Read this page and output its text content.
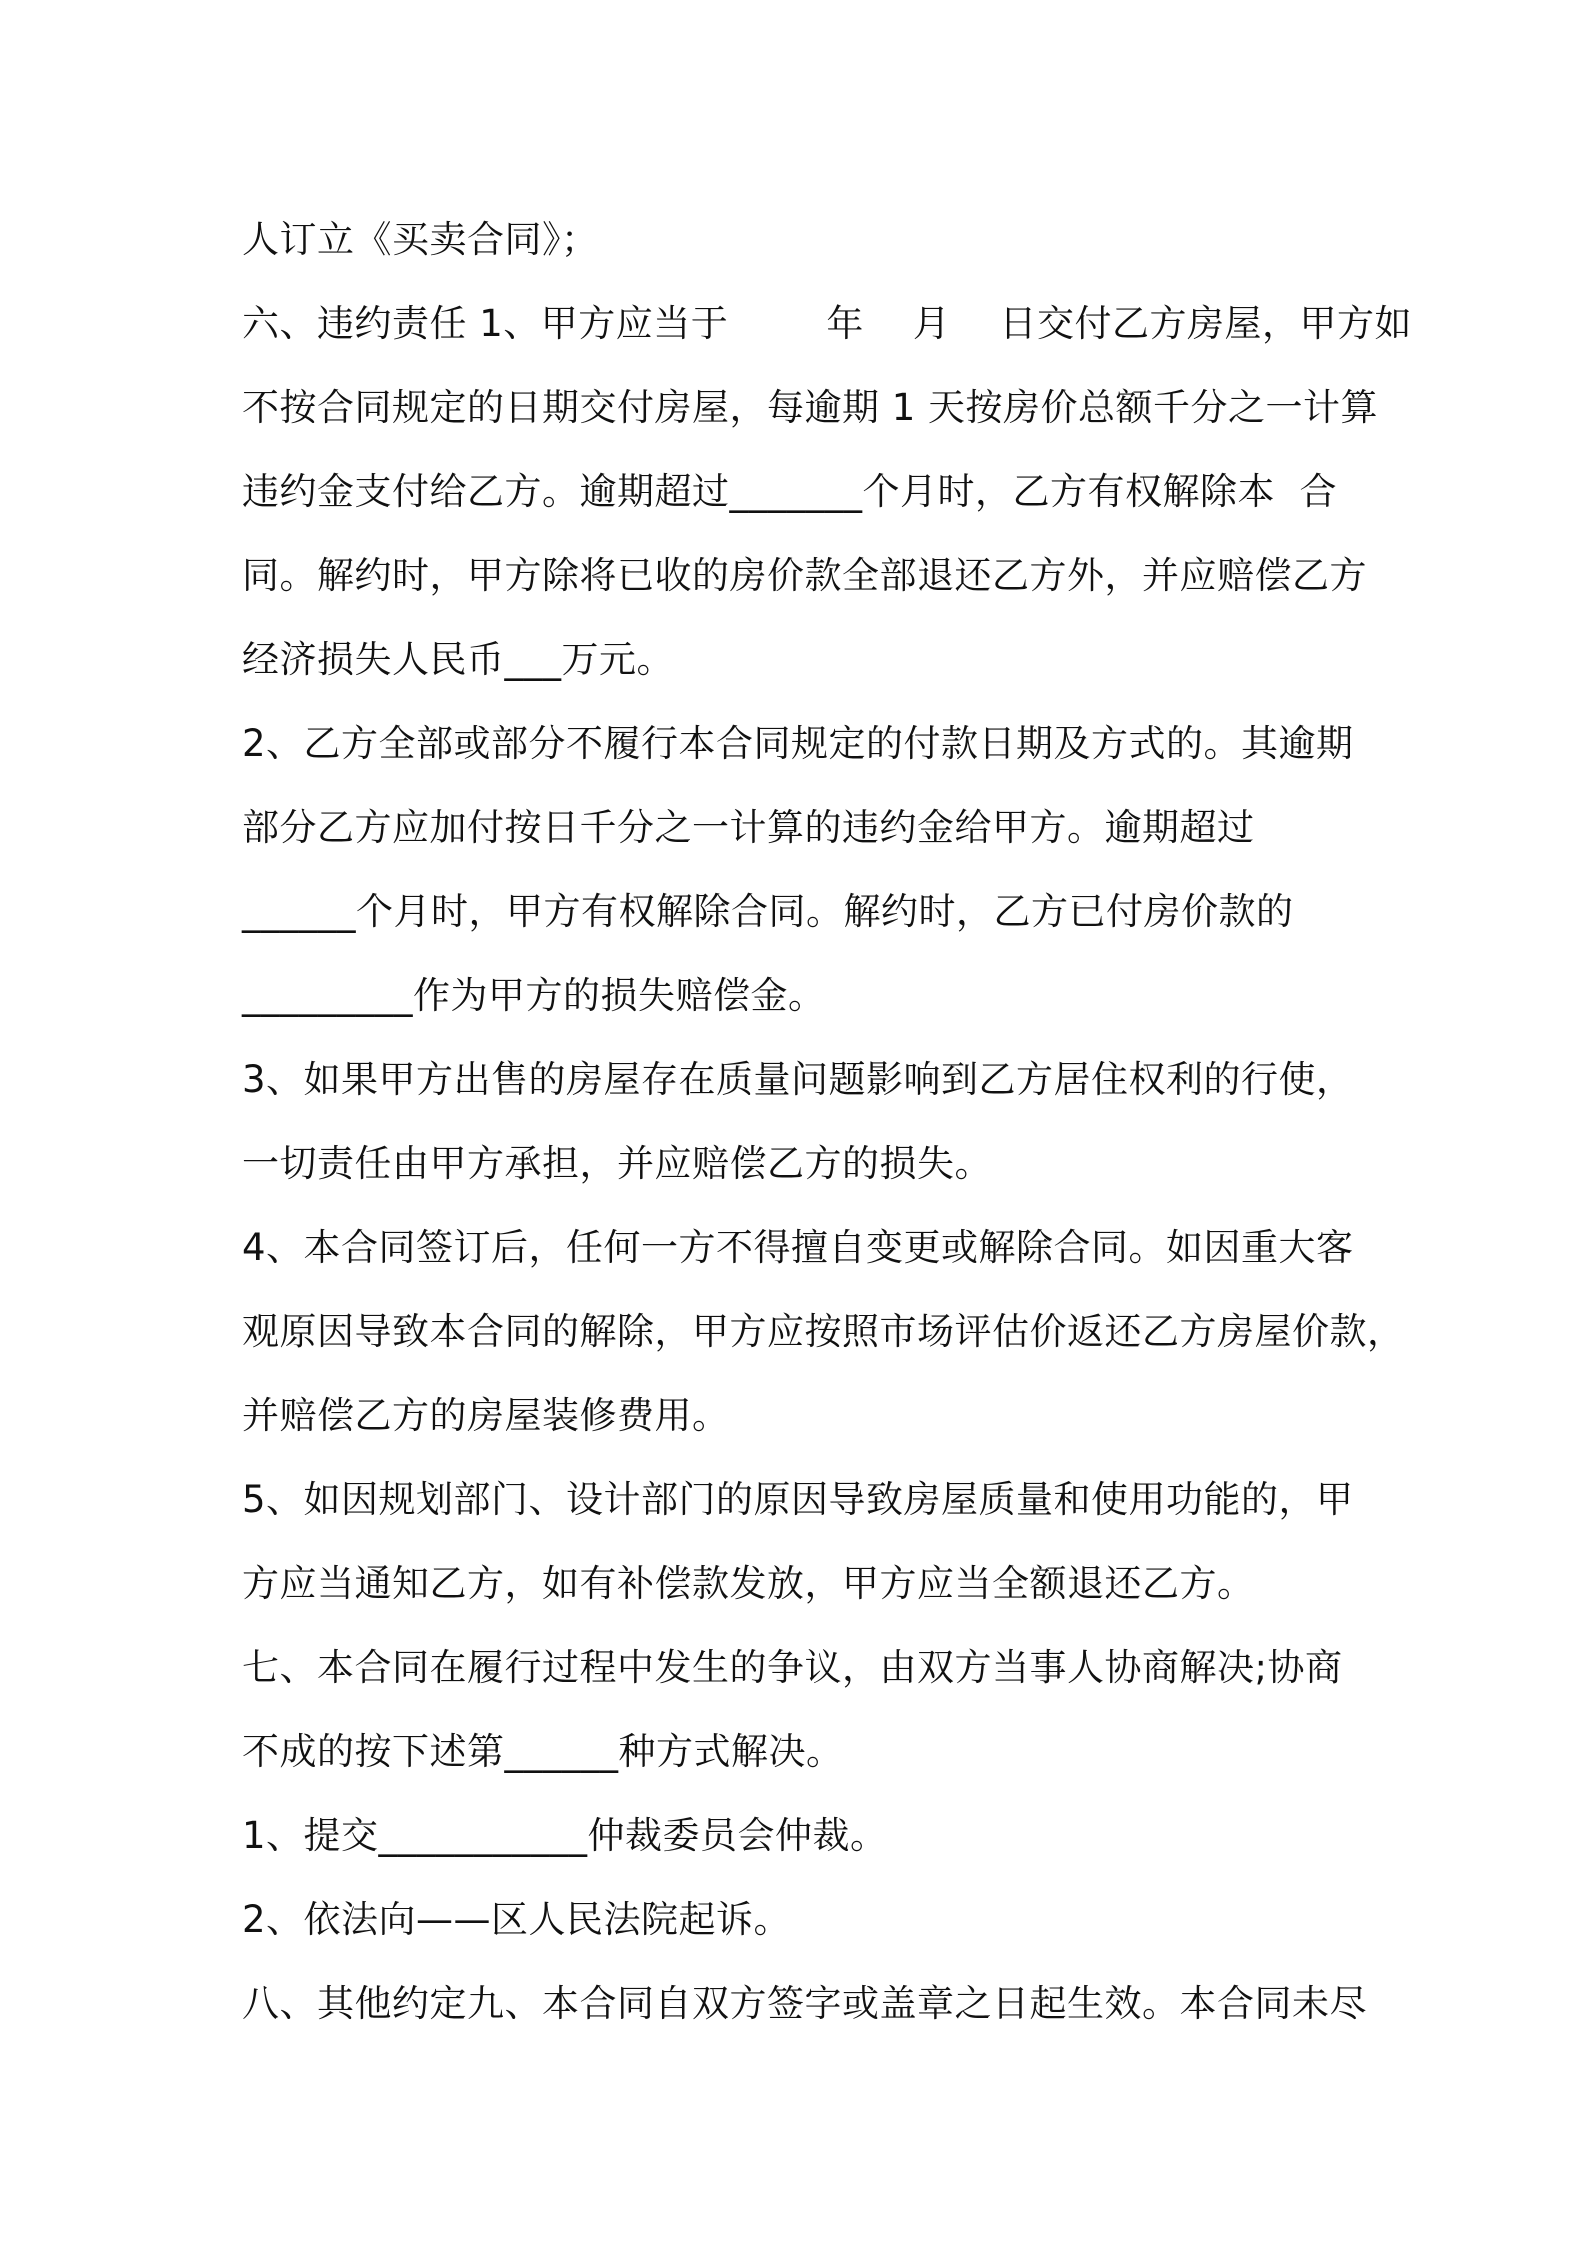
人订立《买卖合同》；
六、违约责任 1、甲方应当于        年    月    日交付乙方房屋，甲方如
不按合同规定的日期交付房屋，每逾期 1 天按房价总额千分之一计算
违约金支付给乙方。逾期超过_______个月时，乙方有权解除本  合
同。解约时，甲方除将已收的房价款全部退还乙方外，并应赔偿乙方
经济损失人民币___万元。
2、乙方全部或部分不履行本合同规定的付款日期及方式的。其逾期
部分乙方应加付按日千分之一计算的违约金给甲方。逾期超过
______个月时，甲方有权解除合同。解约时，乙方已付房价款的
_________作为甲方的损失赔偿金。
3、如果甲方出售的房屋存在质量问题影响到乙方居住权利的行使，
一切责任由甲方承担，并应赔偿乙方的损失。
4、本合同签订后，任何一方不得擅自变更或解除合同。如因重大客
观原因导致本合同的解除，甲方应按照市场评估价返还乙方房屋价款，
并赔偿乙方的房屋装修费用。
5、如因规划部门、设计部门的原因导致房屋质量和使用功能的，甲
方应当通知乙方，如有补偿款发放，甲方应当全额退还乙方。
七、本合同在履行过程中发生的争议，由双方当事人协商解决;协商
不成的按下述第______种方式解决。
1、提交___________仲裁委员会仲裁。
2、依法向——区人民法院起诉。
八、其他约定九、本合同自双方签字或盖章之日起生效。本合同未尽
